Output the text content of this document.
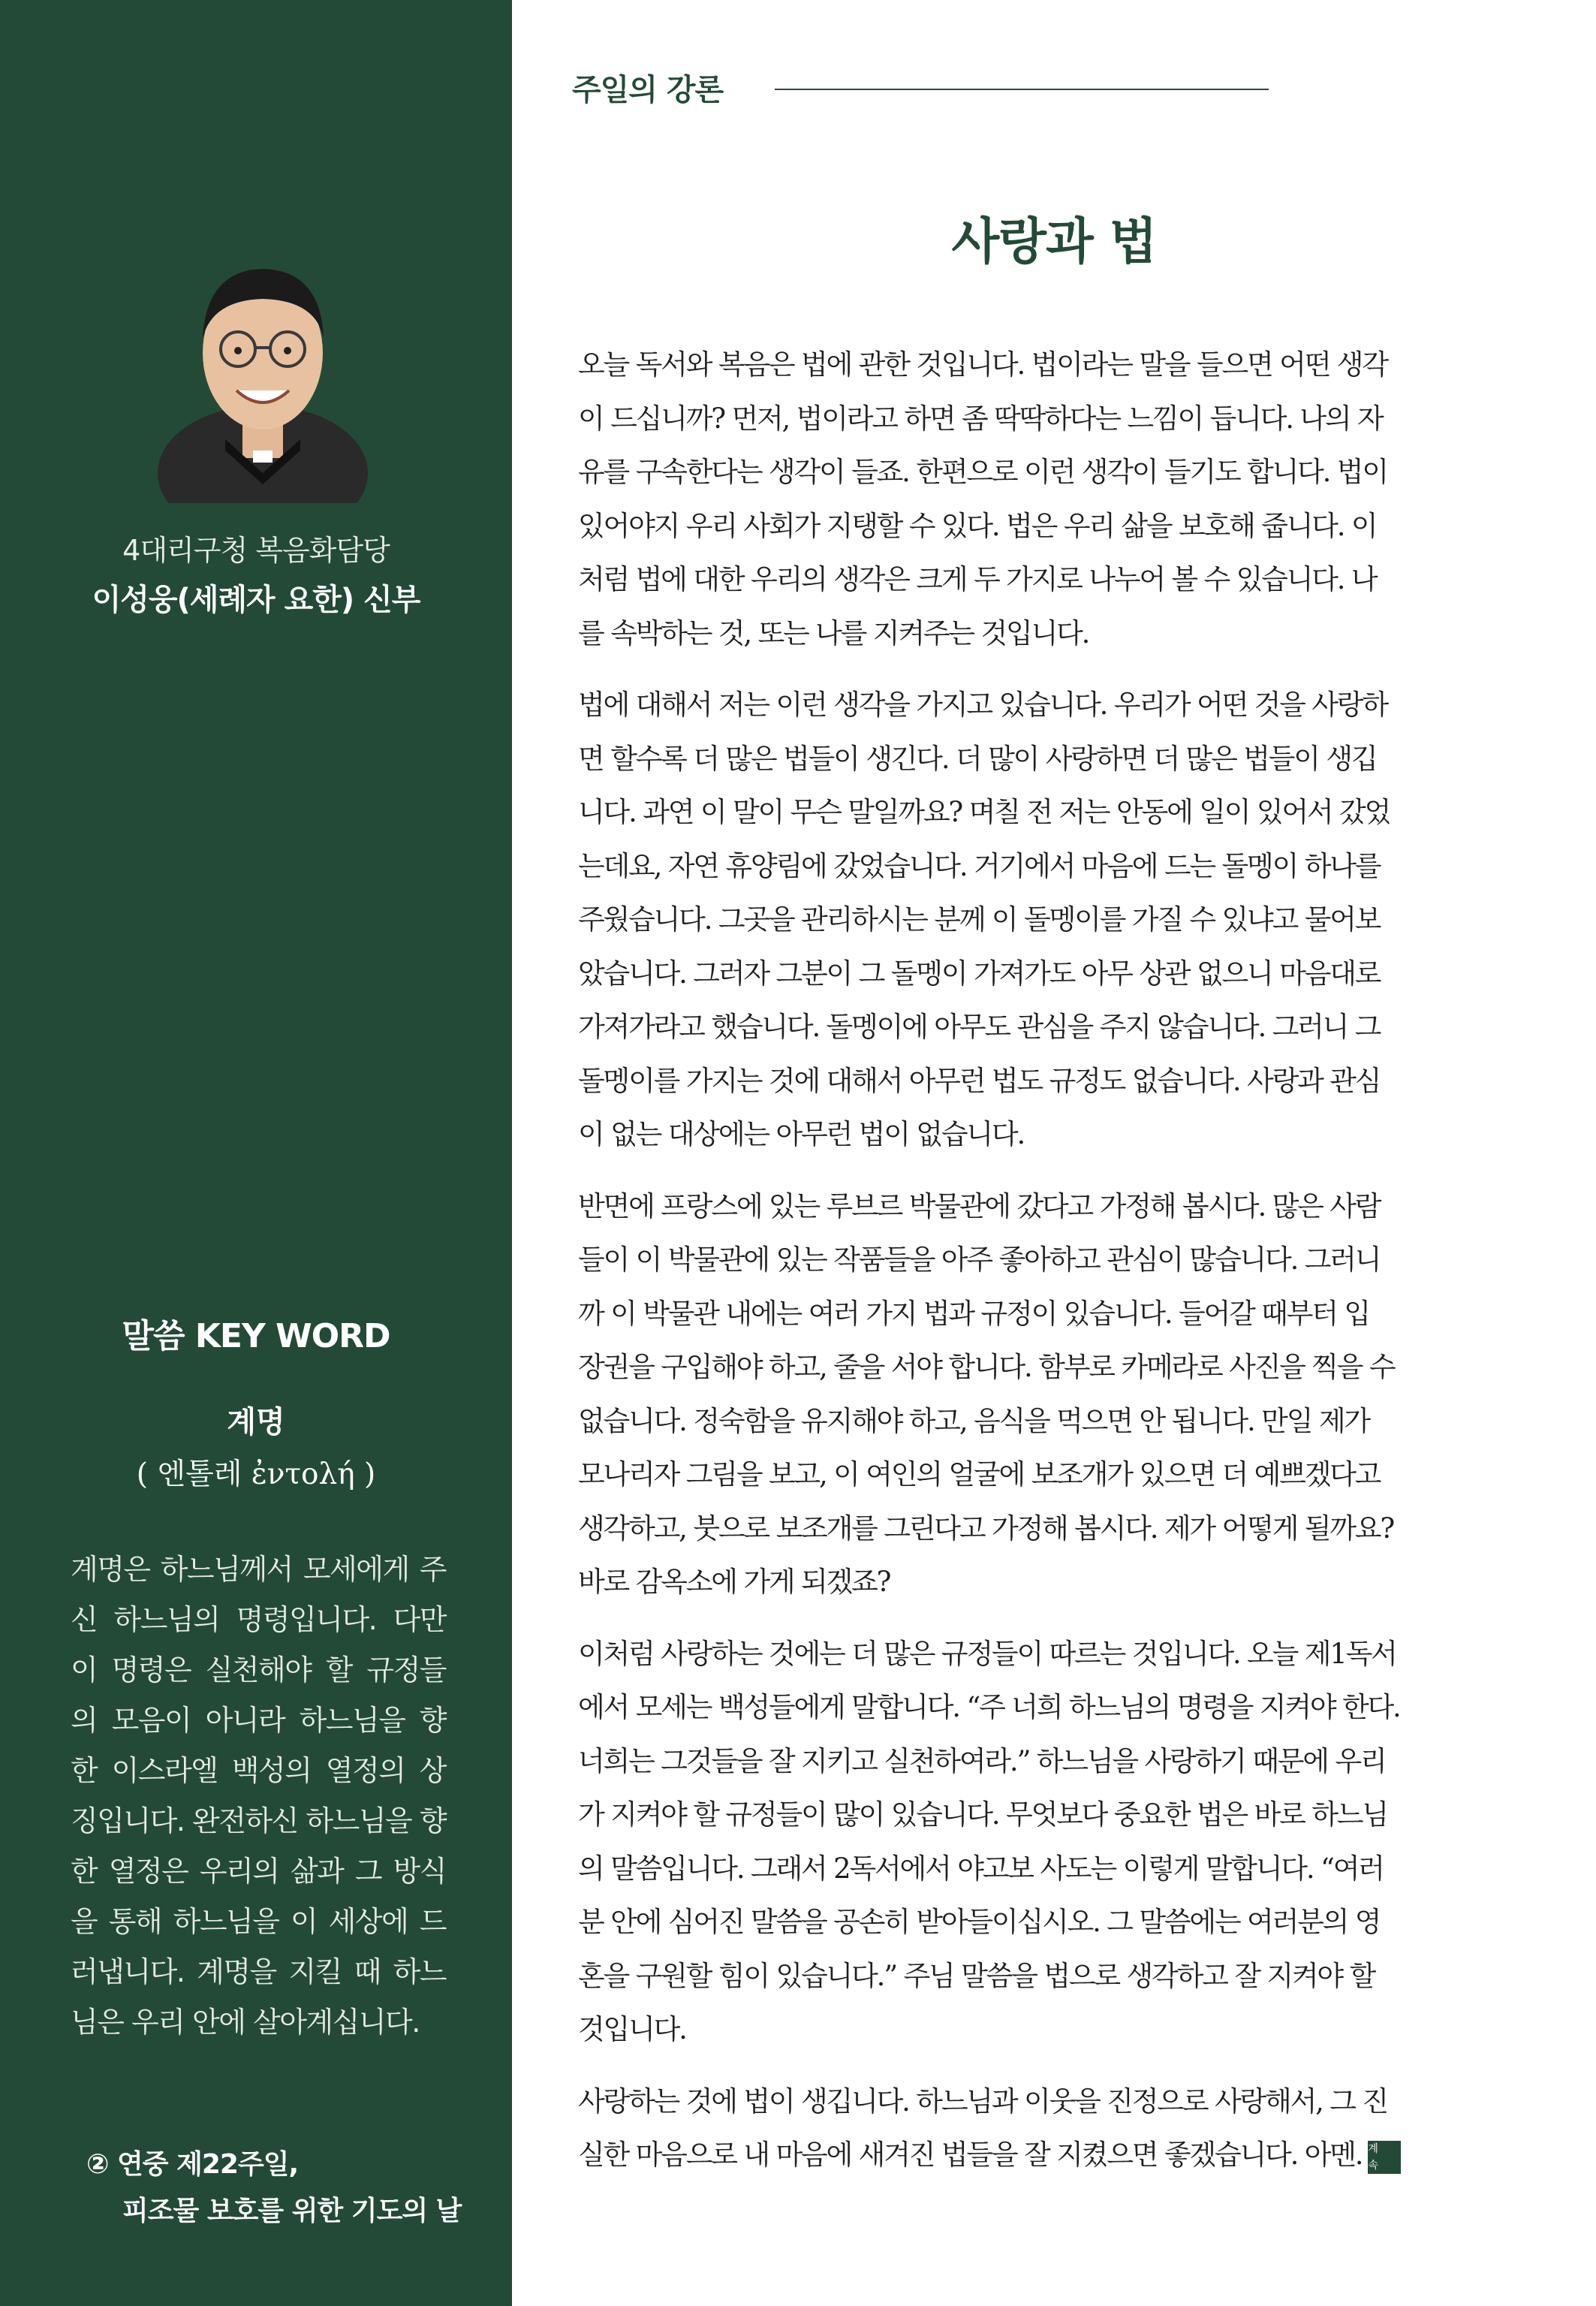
4대리구청 복음화담당
이성웅(세례자 요한) 신부
말씀 KEY WORD
계명
( 엔톨레 ἐντολή )
계명은 하느님께서 모세에게 주
신 하느님의 명령입니다. 다만
이 명령은 실천해야 할 규정들
의 모음이 아니라 하느님을 향
한 이스라엘 백성의 열정의 상
징입니다. 완전하신 하느님을 향
한 열정은 우리의 삶과 그 방식
을 통해 하느님을 이 세상에 드
러냅니다. 계명을 지킬 때 하느
님은 우리 안에 살아계십니다.
② 연중 제22주일,
피조물 보호를 위한 기도의 날
주일의 강론
사랑과 법
오늘 독서와 복음은 법에 관한 것입니다. 법이라는 말을 들으면 어떤 생각
이 드십니까? 먼저, 법이라고 하면 좀 딱딱하다는 느낌이 듭니다. 나의 자
유를 구속한다는 생각이 들죠. 한편으로 이런 생각이 들기도 합니다. 법이
있어야지 우리 사회가 지탱할 수 있다. 법은 우리 삶을 보호해 줍니다. 이
처럼 법에 대한 우리의 생각은 크게 두 가지로 나누어 볼 수 있습니다. 나
를 속박하는 것, 또는 나를 지켜주는 것입니다.
법에 대해서 저는 이런 생각을 가지고 있습니다. 우리가 어떤 것을 사랑하
면 할수록 더 많은 법들이 생긴다. 더 많이 사랑하면 더 많은 법들이 생깁
니다. 과연 이 말이 무슨 말일까요? 며칠 전 저는 안동에 일이 있어서 갔었
는데요, 자연 휴양림에 갔었습니다. 거기에서 마음에 드는 돌멩이 하나를
주웠습니다. 그곳을 관리하시는 분께 이 돌멩이를 가질 수 있냐고 물어보
았습니다. 그러자 그분이 그 돌멩이 가져가도 아무 상관 없으니 마음대로
가져가라고 했습니다. 돌멩이에 아무도 관심을 주지 않습니다. 그러니 그
돌멩이를 가지는 것에 대해서 아무런 법도 규정도 없습니다. 사랑과 관심
이 없는 대상에는 아무런 법이 없습니다.
반면에 프랑스에 있는 루브르 박물관에 갔다고 가정해 봅시다. 많은 사람
들이 이 박물관에 있는 작품들을 아주 좋아하고 관심이 많습니다. 그러니
까 이 박물관 내에는 여러 가지 법과 규정이 있습니다. 들어갈 때부터 입
장권을 구입해야 하고, 줄을 서야 합니다. 함부로 카메라로 사진을 찍을 수
없습니다. 정숙함을 유지해야 하고, 음식을 먹으면 안 됩니다. 만일 제가
모나리자 그림을 보고, 이 여인의 얼굴에 보조개가 있으면 더 예쁘겠다고
생각하고, 붓으로 보조개를 그린다고 가정해 봅시다. 제가 어떻게 될까요?
바로 감옥소에 가게 되겠죠?
이처럼 사랑하는 것에는 더 많은 규정들이 따르는 것입니다. 오늘 제1독서
에서 모세는 백성들에게 말합니다. “주 너희 하느님의 명령을 지켜야 한다.
너희는 그것들을 잘 지키고 실천하여라.” 하느님을 사랑하기 때문에 우리
가 지켜야 할 규정들이 많이 있습니다. 무엇보다 중요한 법은 바로 하느님
의 말씀입니다. 그래서 2독서에서 야고보 사도는 이렇게 말합니다. “여러
분 안에 심어진 말씀을 공손히 받아들이십시오. 그 말씀에는 여러분의 영
혼을 구원할 힘이 있습니다.” 주님 말씀을 법으로 생각하고 잘 지켜야 할
것입니다.
사랑하는 것에 법이 생깁니다. 하느님과 이웃을 진정으로 사랑해서, 그 진
실한 마음으로 내 마음에 새겨진 법들을 잘 지켰으면 좋겠습니다. 아멘. 계
속
